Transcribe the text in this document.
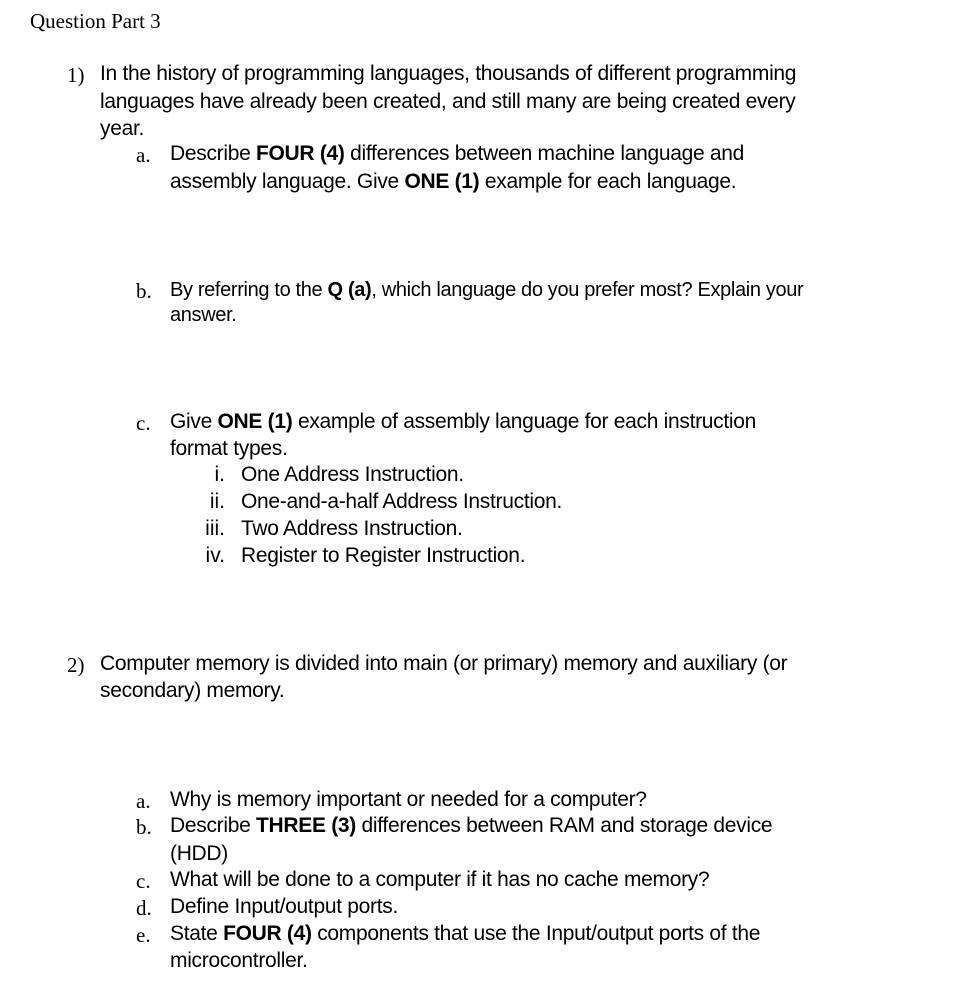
Question Part 3
1) In the history of programming languages, thousands of different programming
languages have already been created, and still many are being created every
year.
a. Describe FOUR (4) differences between machine language and
assembly language. Give ONE (1) example for each language.
b. By referring to the Q (a), which language do you prefer most? Explain your
answer.
c. Give ONE (1) example of assembly language for each instruction
format types.
i. One Address Instruction.
ii. One-and-a-half Address Instruction.
iii. Two Address Instruction.
iv. Register to Register Instruction.
2) Computer memory is divided into main (or primary) memory and auxiliary (or
secondary) memory.
a. Why is memory important or needed for a computer?
b. Describe THREE (3) differences between RAM and storage device
(HDD)
c. What will be done to a computer if it has no cache memory?
d. Define Input/output ports.
e. State FOUR (4) components that use the Input/output ports of the
microcontroller.
